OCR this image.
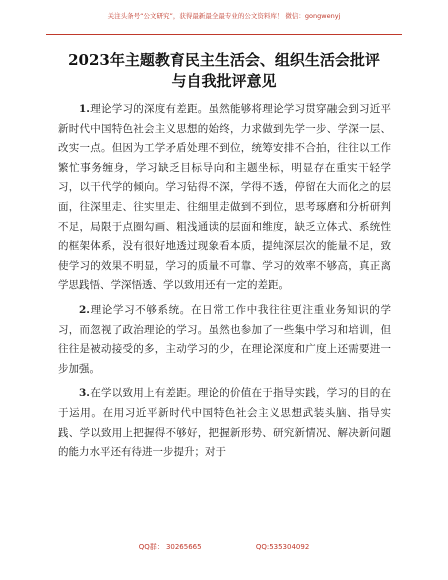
关注头条号“公文研究”，获得最新最全最专业的公文资料库！ 微信：gongwenyj
2023年主题教育民主生活会、组织生活会批评
与自我批评意见

1.理论学习的深度有差距。虽然能够将理论学习贯穿融会到习近平新时代中国特色社会主义思想的始终，力求做到先学一步、学深一层、改实一点。但因为工学矛盾处理不到位，统筹安排不合拍，往往以工作繁忙事务缠身，学习缺乏目标导向和主题坐标，明显存在重实干轻学习，以干代学的倾向。学习钻得不深，学得不透，停留在大而化之的层面，往深里走、往实里走、往细里走做到不到位，思考琢磨和分析研判不足，局限于点圈勾画、粗浅通读的层面和维度，缺乏立体式、系统性的框架体系，没有很好地透过现象看本质，提纯深层次的能量不足，致使学习的效果不明显，学习的质量不可靠、学习的效率不够高，真正离学思践悟、学深悟透、学以致用还有一定的差距。

2.理论学习不够系统。在日常工作中我往往更注重业务知识的学习，而忽视了政治理论的学习。虽然也参加了一些集中学习和培训，但往往是被动接受的多，主动学习的少，在理论深度和广度上还需要进一步加强。

3.在学以致用上有差距。理论的价值在于指导实践，学习的目的在于运用。在用习近平新时代中国特色社会主义思想武装头脑、指导实践、学以致用上把握得不够好，把握新形势、研究新情况、解决新问题的能力水平还有待进一步提升；对于

QQ群： 30265665	QQ:535304092
